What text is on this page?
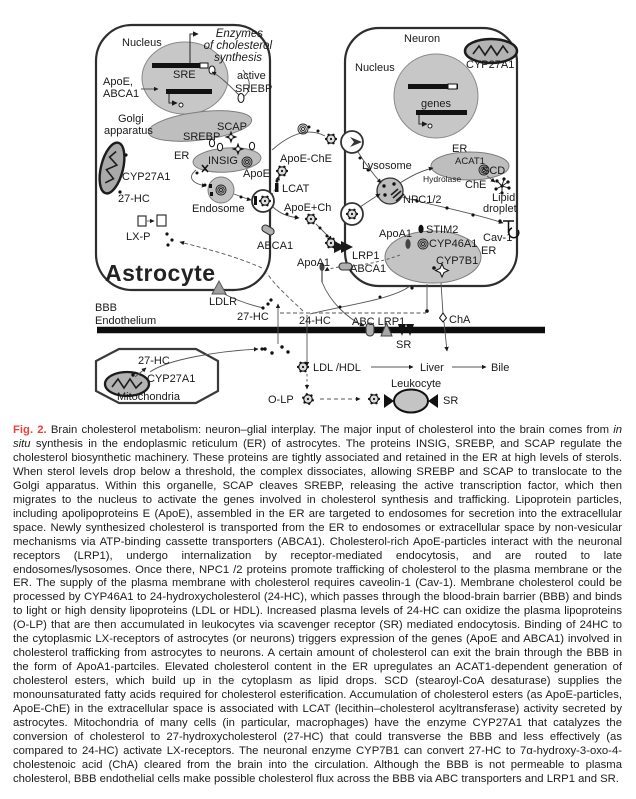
Nucleus
Enzymes
of cholesterol
synthesis
SRE	active
SREBP
ApoE,
ABCA1
Golgi
apparatus	SREBP
SCAP
ER INSIG
ApoE
CYP27A1
27-HC
Endosome
LX-P
Astrocyte
LDLR
Neuron
CYP27A1
Nucleus
genes
ER
ACAT1
SCD
Hydrolase ChE
Lysosome
NPC1/2	Lipid
droplet
ApoA1 STIM2
CYP46A1
ER
CYP7B1
Cav-1
LRP1
ABCA1
ApoE-ChE
LCAT
ApoE+Ch
ABCA1
ApoA1
BBB
Endothelium	27-HC	24-HC ABC LRP1
SR
ChA
27-HC
CYP27A1
Mitochondria
LDL /HDL	Liver	Bile
Leukocyte
SR
O-LP

Fig. 2. Brain cholesterol metabolism: neuron–glial interplay. The major input of cholesterol into the brain comes from in situ synthesis in the endoplasmic reticulum (ER) of astrocytes. The proteins INSIG, SREBP, and SCAP regulate the cholesterol biosynthetic machinery. These proteins are tightly associated and retained in the ER at high levels of sterols. When sterol levels drop below a threshold, the complex dissociates, allowing SREBP and SCAP to translocate to the Golgi apparatus. Within this organelle, SCAP cleaves SREBP, releasing the active transcription factor, which then migrates to the nucleus to activate the genes involved in cholesterol synthesis and trafficking. Lipoprotein particles, including apolipoproteins E (ApoE), assembled in the ER are targeted to endosomes for secretion into the extracellular space. Newly synthesized cholesterol is transported from the ER to endosomes or extracellular space by non-vesicular mechanisms via ATP-binding cassette transporters (ABCA1). Cholesterol-rich ApoE-particles interact with the neuronal receptors (LRP1), undergo internalization by receptor-mediated endocytosis, and are routed to late endosomes/lysosomes. Once there, NPC1 /2 proteins promote trafficking of cholesterol to the plasma membrane or the ER. The supply of the plasma membrane with cholesterol requires caveolin-1 (Cav-1). Membrane cholesterol could be processed by CYP46A1 to 24-hydroxycholesterol (24-HC), which passes through the blood-brain barrier (BBB) and binds to light or high density lipoproteins (LDL or HDL). Increased plasma levels of 24-HC can oxidize the plasma lipoproteins (O-LP) that are then accumulated in leukocytes via scavenger receptor (SR) mediated endocytosis. Binding of 24HC to the cytoplasmic LX-receptors of astrocytes (or neurons) triggers expression of the genes (ApoE and ABCA1) involved in cholesterol trafficking from astrocytes to neurons. A certain amount of cholesterol can exit the brain through the BBB in the form of ApoA1-partciles. Elevated cholesterol content in the ER upregulates an ACAT1-dependent generation of cholesterol esters, which build up in the cytoplasm as lipid drops. SCD (stearoyl-CoA desaturase) supplies the monounsaturated fatty acids required for cholesterol esterification. Accumulation of cholesterol esters (as ApoE-particles, ApoE-ChE) in the extracellular space is associated with LCAT (lecithin–cholesterol acyltransferase) activity secreted by astrocytes. Mitochondria of many cells (in particular, macrophages) have the enzyme CYP27A1 that catalyzes the conversion of cholesterol to 27-hydroxycholesterol (27-HC) that could transverse the BBB and less effectively (as compared to 24-HC) activate LX-receptors. The neuronal enzyme CYP7B1 can convert 27-HC to 7α-hydroxy-3-oxo-4-cholestenoic acid (ChA) cleared from the brain into the circulation. Although the BBB is not permeable to plasma cholesterol, BBB endothelial cells make possible cholesterol flux across the BBB via ABC transporters and LRP1 and SR.
